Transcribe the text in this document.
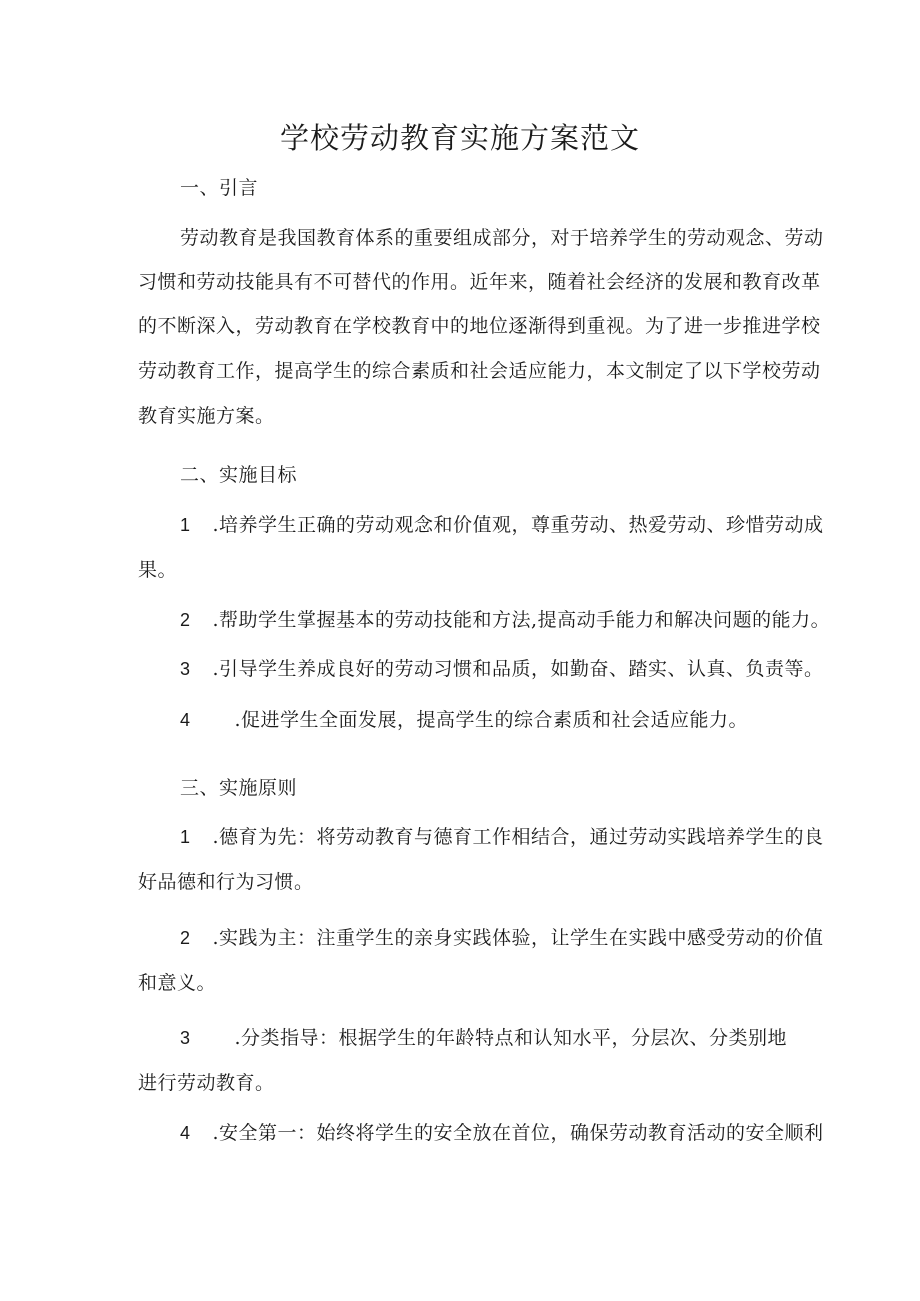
学校劳动教育实施方案范文
一、引言
劳动教育是我国教育体系的重要组成部分，对于培养学生的劳动观念、劳动
习惯和劳动技能具有不可替代的作用。近年来，随着社会经济的发展和教育改革
的不断深入，劳动教育在学校教育中的地位逐渐得到重视。为了进一步推进学校
劳动教育工作，提高学生的综合素质和社会适应能力，本文制定了以下学校劳动
教育实施方案。
二、实施目标
1 .培养学生正确的劳动观念和价值观，尊重劳动、热爱劳动、珍惜劳动成
果。
2 .帮助学生掌握基本的劳动技能和方法,提高动手能力和解决问题的能力。
3 .引导学生养成良好的劳动习惯和品质，如勤奋、踏实、认真、负责等。
4 .促进学生全面发展，提高学生的综合素质和社会适应能力。
三、实施原则
1 .德育为先：将劳动教育与德育工作相结合，通过劳动实践培养学生的良
好品德和行为习惯。
2 .实践为主：注重学生的亲身实践体验，让学生在实践中感受劳动的价值
和意义。
3 .分类指导：根据学生的年龄特点和认知水平，分层次、分类别地
进行劳动教育。
4 .安全第一：始终将学生的安全放在首位，确保劳动教育活动的安全顺利
